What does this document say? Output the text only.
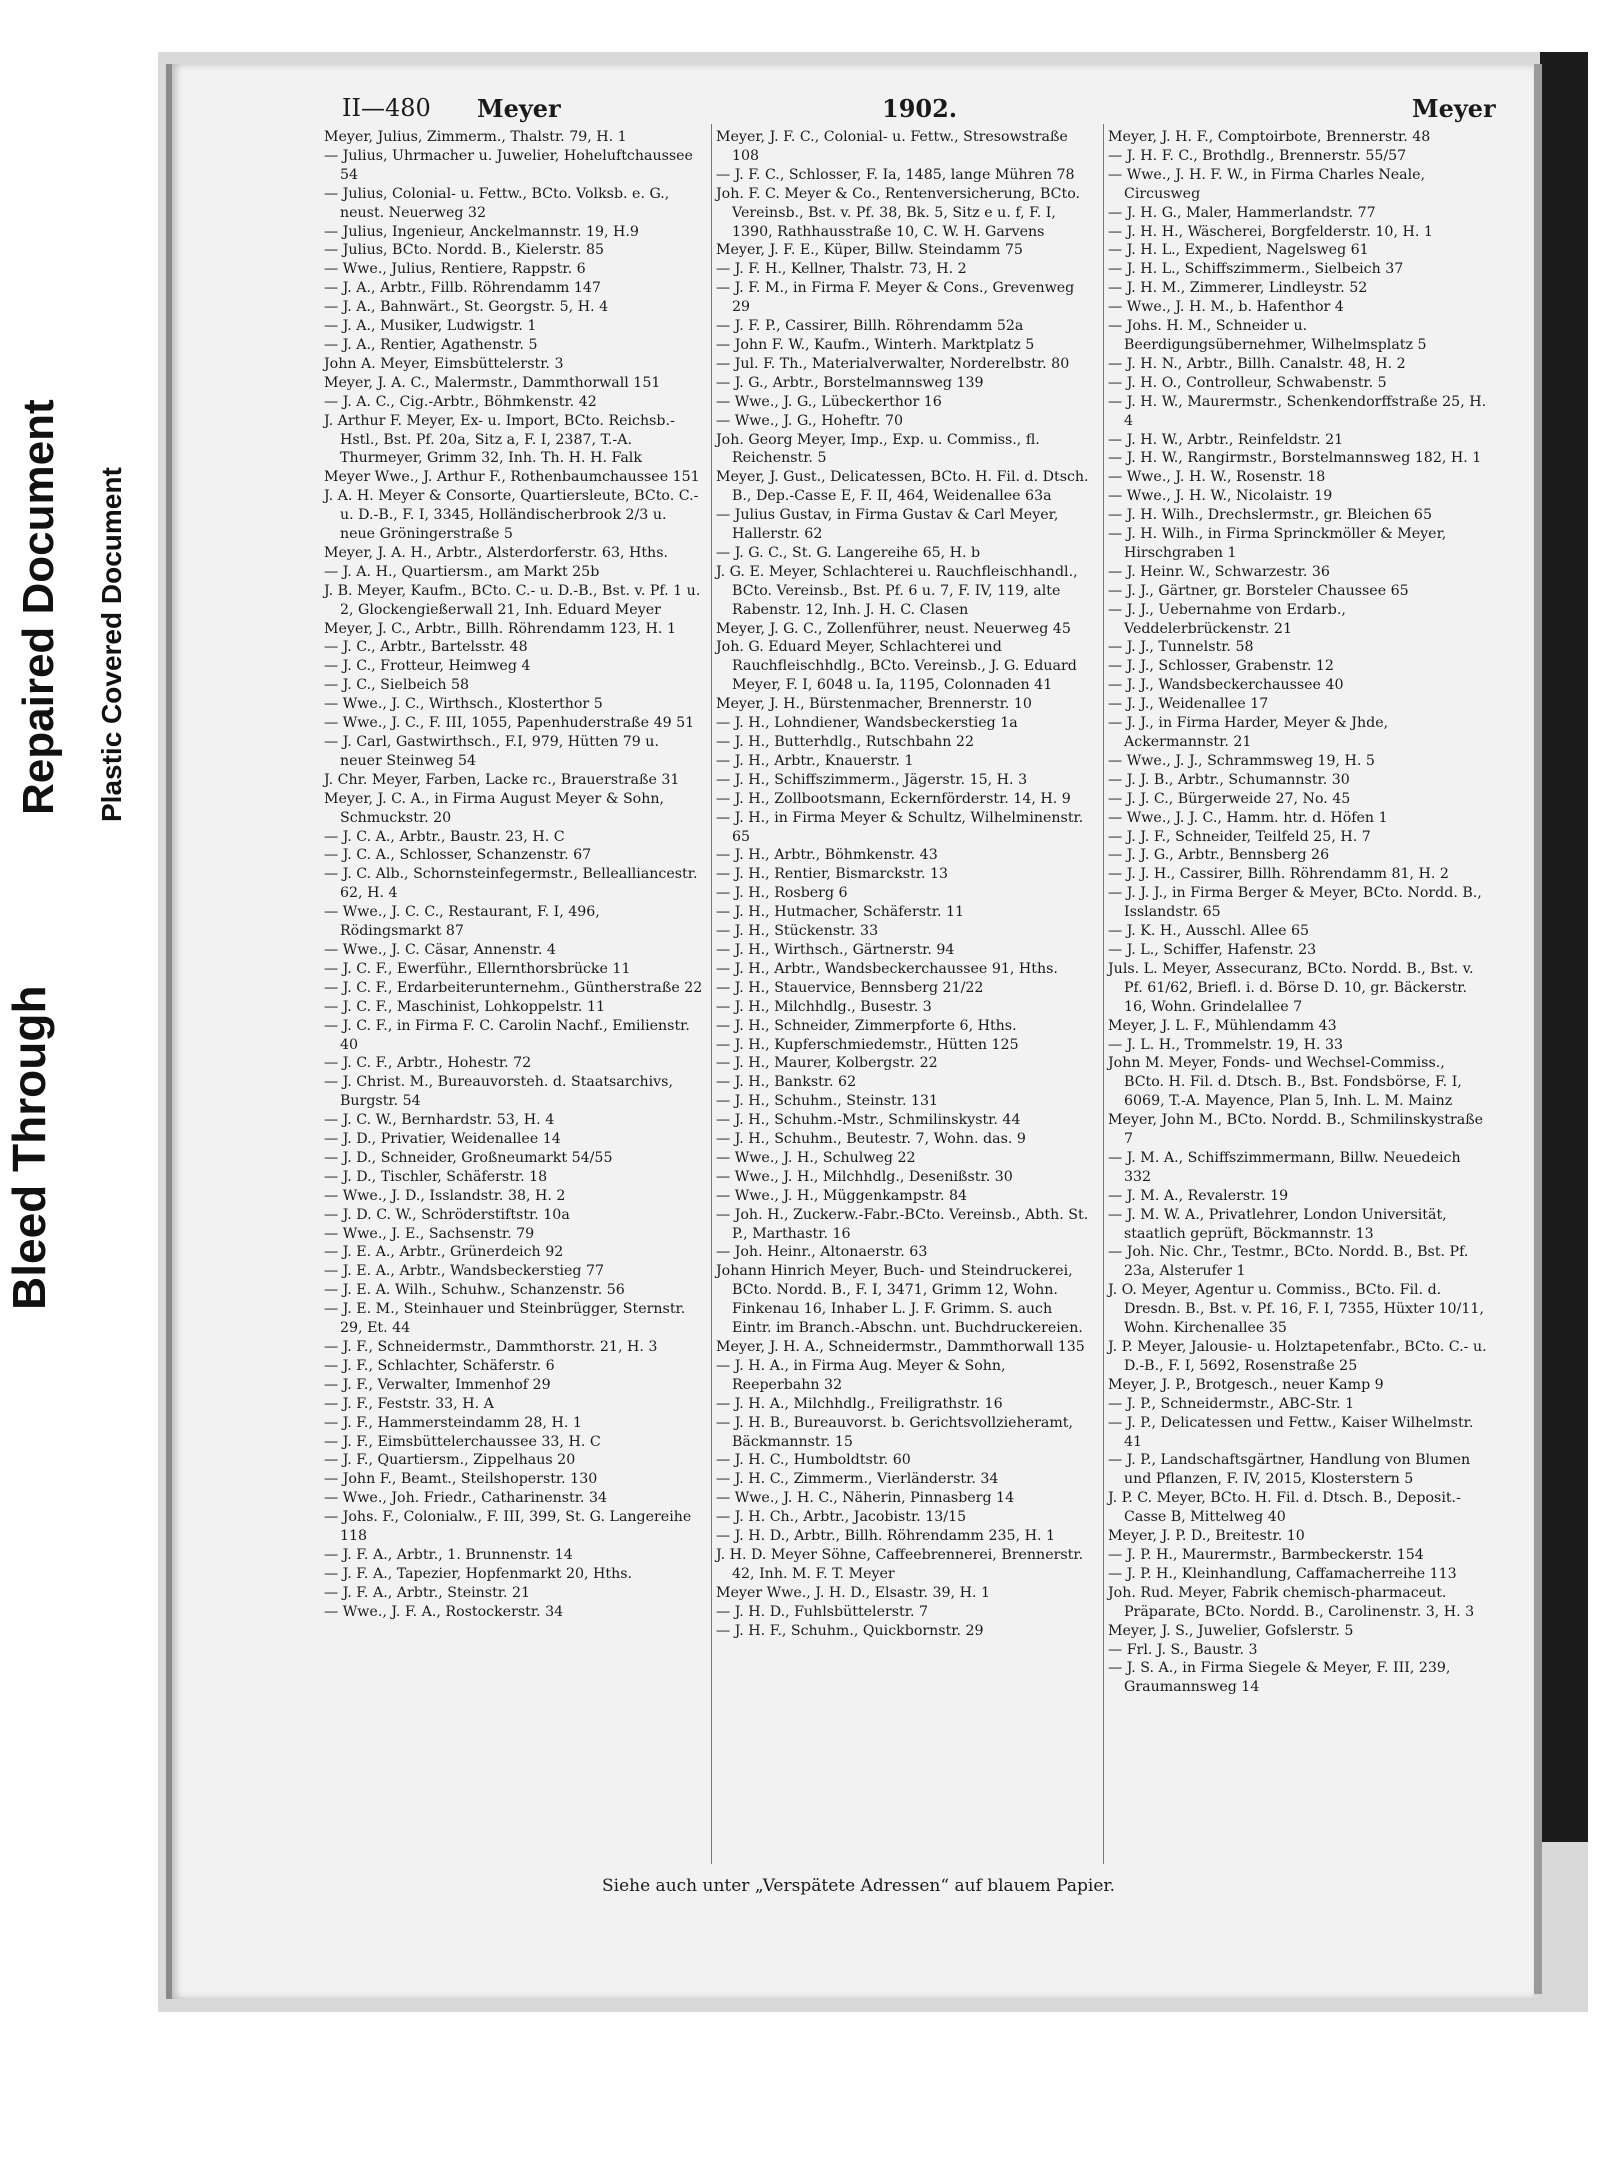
Bleed Through
Repaired Document Plastic Covered Document
II—480 Meyer	1902.	Meyer

Meyer, Julius, Zimmerm., Thalstr. 79, H. 1

— Julius, Uhrmacher u. Juwelier, Hoheluftchaussee 54

— Julius, Colonial- u. Fettw., BCto. Volksb. e. G., neust. Neuerweg 32

— Julius, Ingenieur, Anckelmannstr. 19, H.9

— Julius, BCto. Nordd. B., Kielerstr. 85

— Wwe., Julius, Rentiere, Rappstr. 6

— J. A., Arbtr., Fillb. Röhrendamm 147

— J. A., Bahnwärt., St. Georgstr. 5, H. 4

— J. A., Musiker, Ludwigstr. 1

— J. A., Rentier, Agathenstr. 5

John A. Meyer, Eimsbüttelerstr. 3

Meyer, J. A. C., Malermstr., Dammthorwall 151

— J. A. C., Cig.-Arbtr., Böhmkenstr. 42

J. Arthur F. Meyer, Ex- u. Import, BCto. Reichsb.-Hstl., Bst. Pf. 20a, Sitz a, F. I, 2387, T.-A. Thurmeyer, Grimm 32, Inh. Th. H. H. Falk

Meyer Wwe., J. Arthur F., Rothenbaumchaussee 151

J. A. H. Meyer & Consorte, Quartiersleute, BCto. C.- u. D.-B., F. I, 3345, Holländischerbrook 2/3 u. neue Gröningerstraße 5

Meyer, J. A. H., Arbtr., Alsterdorferstr. 63, Hths.

— J. A. H., Quartiersm., am Markt 25b

J. B. Meyer, Kaufm., BCto. C.- u. D.-B., Bst. v. Pf. 1 u. 2, Glockengießerwall 21, Inh. Eduard Meyer

Meyer, J. C., Arbtr., Billh. Röhrendamm 123, H. 1

— J. C., Arbtr., Bartelsstr. 48

— J. C., Frotteur, Heimweg 4

— J. C., Sielbeich 58

— Wwe., J. C., Wirthsch., Klosterthor 5

— Wwe., J. C., F. III, 1055, Papenhuderstraße 49 51

— J. Carl, Gastwirthsch., F.I, 979, Hütten 79 u. neuer Steinweg 54

J. Chr. Meyer, Farben, Lacke rc., Brauerstraße 31

Meyer, J. C. A., in Firma August Meyer & Sohn, Schmuckstr. 20

— J. C. A., Arbtr., Baustr. 23, H. C

— J. C. A., Schlosser, Schanzenstr. 67

— J. C. Alb., Schornsteinfegermstr., Bellealliancestr. 62, H. 4

— Wwe., J. C. C., Restaurant, F. I, 496, Rödingsmarkt 87

— Wwe., J. C. Cäsar, Annenstr. 4

— J. C. F., Ewerführ., Ellernthorsbrücke 11

— J. C. F., Erdarbeiterunternehm., Güntherstraße 22

— J. C. F., Maschinist, Lohkoppelstr. 11

— J. C. F., in Firma F. C. Carolin Nachf., Emilienstr. 40

— J. C. F., Arbtr., Hohestr. 72

— J. Christ. M., Bureauvorsteh. d. Staatsarchivs, Burgstr. 54

— J. C. W., Bernhardstr. 53, H. 4

— J. D., Privatier, Weidenallee 14

— J. D., Schneider, Großneumarkt 54/55

— J. D., Tischler, Schäferstr. 18

— Wwe., J. D., Isslandstr. 38, H. 2

— J. D. C. W., Schröderstiftstr. 10a

— Wwe., J. E., Sachsenstr. 79

— J. E. A., Arbtr., Grünerdeich 92

— J. E. A., Arbtr., Wandsbeckerstieg 77

— J. E. A. Wilh., Schuhw., Schanzenstr. 56

— J. E. M., Steinhauer und Steinbrügger, Sternstr. 29, Et. 44

— J. F., Schneidermstr., Dammthorstr. 21, H. 3

— J. F., Schlachter, Schäferstr. 6

— J. F., Verwalter, Immenhof 29

— J. F., Feststr. 33, H. A

— J. F., Hammersteindamm 28, H. 1

— J. F., Eimsbüttelerchaussee 33, H. C

— J. F., Quartiersm., Zippelhaus 20

— John F., Beamt., Steilshoperstr. 130

— Wwe., Joh. Friedr., Catharinenstr. 34

— Johs. F., Colonialw., F. III, 399, St. G. Langereihe 118

— J. F. A., Arbtr., 1. Brunnenstr. 14

— J. F. A., Tapezier, Hopfenmarkt 20, Hths.

— J. F. A., Arbtr., Steinstr. 21

— Wwe., J. F. A., Rostockerstr. 34

Meyer, J. F. C., Colonial- u. Fettw., Stresowstraße 108

— J. F. C., Schlosser, F. Ia, 1485, lange Mühren 78

Joh. F. C. Meyer & Co., Rentenversicherung, BCto. Vereinsb., Bst. v. Pf. 38, Bk. 5, Sitz e u. f, F. I, 1390, Rathhausstraße 10, C. W. H. Garvens

Meyer, J. F. E., Küper, Billw. Steindamm 75

— J. F. H., Kellner, Thalstr. 73, H. 2

— J. F. M., in Firma F. Meyer & Cons., Grevenweg 29

— J. F. P., Cassirer, Billh. Röhrendamm 52a

— John F. W., Kaufm., Winterh. Marktplatz 5

— Jul. F. Th., Materialverwalter, Norderelbstr. 80

— J. G., Arbtr., Borstelmannsweg 139

— Wwe., J. G., Lübeckerthor 16

— Wwe., J. G., Hoheftr. 70

Joh. Georg Meyer, Imp., Exp. u. Commiss., fl. Reichenstr. 5

Meyer, J. Gust., Delicatessen, BCto. H. Fil. d. Dtsch. B., Dep.-Casse E, F. II, 464, Weidenallee 63a

— Julius Gustav, in Firma Gustav & Carl Meyer, Hallerstr. 62

— J. G. C., St. G. Langereihe 65, H. b

J. G. E. Meyer, Schlachterei u. Rauchfleischhandl., BCto. Vereinsb., Bst. Pf. 6 u. 7, F. IV, 119, alte Rabenstr. 12, Inh. J. H. C. Clasen

Meyer, J. G. C., Zollenführer, neust. Neuerweg 45

Joh. G. Eduard Meyer, Schlachterei und Rauchfleischhdlg., BCto. Vereinsb., J. G. Eduard Meyer, F. I, 6048 u. Ia, 1195, Colonnaden 41

Meyer, J. H., Bürstenmacher, Brennerstr. 10

— J. H., Lohndiener, Wandsbeckerstieg 1a

— J. H., Butterhdlg., Rutschbahn 22

— J. H., Arbtr., Knauerstr. 1

— J. H., Schiffszimmerm., Jägerstr. 15, H. 3

— J. H., Zollbootsmann, Eckernförderstr. 14, H. 9

— J. H., in Firma Meyer & Schultz, Wilhelminenstr. 65

— J. H., Arbtr., Böhmkenstr. 43

— J. H., Rentier, Bismarckstr. 13

— J. H., Rosberg 6

— J. H., Hutmacher, Schäferstr. 11

— J. H., Stückenstr. 33

— J. H., Wirthsch., Gärtnerstr. 94

— J. H., Arbtr., Wandsbeckerchaussee 91, Hths.

— J. H., Stauervice, Bennsberg 21/22

— J. H., Milchhdlg., Busestr. 3

— J. H., Schneider, Zimmerpforte 6, Hths.

— J. H., Kupferschmiedemstr., Hütten 125

— J. H., Maurer, Kolbergstr. 22

— J. H., Bankstr. 62

— J. H., Schuhm., Steinstr. 131

— J. H., Schuhm.-Mstr., Schmilinskystr. 44

— J. H., Schuhm., Beutestr. 7, Wohn. das. 9

— Wwe., J. H., Schulweg 22

— Wwe., J. H., Milchhdlg., Desenißstr. 30

— Wwe., J. H., Müggenkampstr. 84

— Joh. H., Zuckerw.-Fabr.-BCto. Vereinsb., Abth. St. P., Marthastr. 16

— Joh. Heinr., Altonaerstr. 63

Johann Hinrich Meyer, Buch- und Steindruckerei, BCto. Nordd. B., F. I, 3471, Grimm 12, Wohn. Finkenau 16, Inhaber L. J. F. Grimm. S. auch Eintr. im Branch.-Abschn. unt. Buchdruckereien.

Meyer, J. H. A., Schneidermstr., Dammthorwall 135

— J. H. A., in Firma Aug. Meyer & Sohn, Reeperbahn 32

— J. H. A., Milchhdlg., Freiligrathstr. 16

— J. H. B., Bureauvorst. b. Gerichtsvollzieheramt, Bäckmannstr. 15

— J. H. C., Humboldtstr. 60

— J. H. C., Zimmerm., Vierländerstr. 34

— Wwe., J. H. C., Näherin, Pinnasberg 14

— J. H. Ch., Arbtr., Jacobistr. 13/15

— J. H. D., Arbtr., Billh. Röhrendamm 235, H. 1

J. H. D. Meyer Söhne, Caffeebrennerei, Brennerstr. 42, Inh. M. F. T. Meyer

Meyer Wwe., J. H. D., Elsastr. 39, H. 1

— J. H. D., Fuhlsbüttelerstr. 7

— J. H. F., Schuhm., Quickbornstr. 29

Meyer, J. H. F., Comptoirbote, Brennerstr. 48

— J. H. F. C., Brothdlg., Brennerstr. 55/57

— Wwe., J. H. F. W., in Firma Charles Neale, Circusweg

— J. H. G., Maler, Hammerlandstr. 77

— J. H. H., Wäscherei, Borgfelderstr. 10, H. 1

— J. H. L., Expedient, Nagelsweg 61

— J. H. L., Schiffszimmerm., Sielbeich 37

— J. H. M., Zimmerer, Lindleystr. 52

— Wwe., J. H. M., b. Hafenthor 4

— Johs. H. M., Schneider u. Beerdigungsübernehmer, Wilhelmsplatz 5

— J. H. N., Arbtr., Billh. Canalstr. 48, H. 2

— J. H. O., Controlleur, Schwabenstr. 5

— J. H. W., Maurermstr., Schenkendorffstraße 25, H. 4

— J. H. W., Arbtr., Reinfeldstr. 21

— J. H. W., Rangirmstr., Borstelmannsweg 182, H. 1

— Wwe., J. H. W., Rosenstr. 18

— Wwe., J. H. W., Nicolaistr. 19

— J. H. Wilh., Drechslermstr., gr. Bleichen 65

— J. H. Wilh., in Firma Sprinckmöller & Meyer, Hirschgraben 1

— J. Heinr. W., Schwarzestr. 36

— J. J., Gärtner, gr. Borsteler Chaussee 65

— J. J., Uebernahme von Erdarb., Veddelerbrückenstr. 21

— J. J., Tunnelstr. 58

— J. J., Schlosser, Grabenstr. 12

— J. J., Wandsbeckerchaussee 40

— J. J., Weidenallee 17

— J. J., in Firma Harder, Meyer & Jhde, Ackermannstr. 21

— Wwe., J. J., Schrammsweg 19, H. 5

— J. J. B., Arbtr., Schumannstr. 30

— J. J. C., Bürgerweide 27, No. 45

— Wwe., J. J. C., Hamm. htr. d. Höfen 1

— J. J. F., Schneider, Teilfeld 25, H. 7

— J. J. G., Arbtr., Bennsberg 26

— J. J. H., Cassirer, Billh. Röhrendamm 81, H. 2

— J. J. J., in Firma Berger & Meyer, BCto. Nordd. B., Isslandstr. 65

— J. K. H., Ausschl. Allee 65

— J. L., Schiffer, Hafenstr. 23

Juls. L. Meyer, Assecuranz, BCto. Nordd. B., Bst. v. Pf. 61/62, Briefl. i. d. Börse D. 10, gr. Bäckerstr. 16, Wohn. Grindelallee 7

Meyer, J. L. F., Mühlendamm 43

— J. L. H., Trommelstr. 19, H. 33

John M. Meyer, Fonds- und Wechsel-Commiss., BCto. H. Fil. d. Dtsch. B., Bst. Fondsbörse, F. I, 6069, T.-A. Mayence, Plan 5, Inh. L. M. Mainz

Meyer, John M., BCto. Nordd. B., Schmilinskystraße 7

— J. M. A., Schiffszimmermann, Billw. Neuedeich 332

— J. M. A., Revalerstr. 19

— J. M. W. A., Privatlehrer, London Universität, staatlich geprüft, Böckmannstr. 13

— Joh. Nic. Chr., Testmr., BCto. Nordd. B., Bst. Pf. 23a, Alsterufer 1

J. O. Meyer, Agentur u. Commiss., BCto. Fil. d. Dresdn. B., Bst. v. Pf. 16, F. I, 7355, Hüxter 10/11, Wohn. Kirchenallee 35

J. P. Meyer, Jalousie- u. Holztapetenfabr., BCto. C.- u. D.-B., F. I, 5692, Rosenstraße 25

Meyer, J. P., Brotgesch., neuer Kamp 9

— J. P., Schneidermstr., ABC-Str. 1

— J. P., Delicatessen und Fettw., Kaiser Wilhelmstr. 41

— J. P., Landschaftsgärtner, Handlung von Blumen und Pflanzen, F. IV, 2015, Klosterstern 5

J. P. C. Meyer, BCto. H. Fil. d. Dtsch. B., Deposit.-Casse B, Mittelweg 40

Meyer, J. P. D., Breitestr. 10

— J. P. H., Maurermstr., Barmbeckerstr. 154

— J. P. H., Kleinhandlung, Caffamacherreihe 113

Joh. Rud. Meyer, Fabrik chemisch-pharmaceut. Präparate, BCto. Nordd. B., Carolinenstr. 3, H. 3

Meyer, J. S., Juwelier, Gofslerstr. 5

— Frl. J. S., Baustr. 3

— J. S. A., in Firma Siegele & Meyer, F. III, 239, Graumannsweg 14

Siehe auch unter „Verspätete Adressen“ auf blauem Papier.
